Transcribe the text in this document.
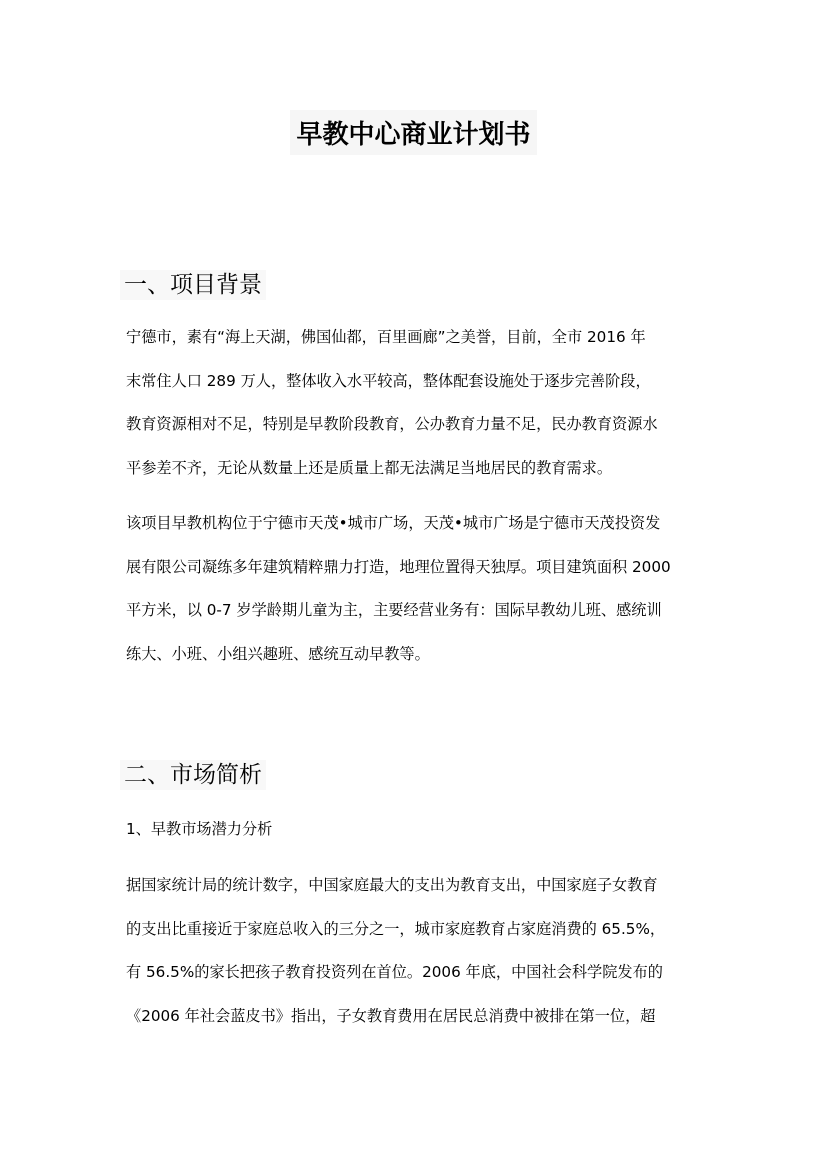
早教中心商业计划书
一、项目背景
宁德市，素有“海上天湖，佛国仙都，百里画廊”之美誉，目前，全市 2016 年
末常住人口 289 万人，整体收入水平较高，整体配套设施处于逐步完善阶段，
教育资源相对不足，特别是早教阶段教育，公办教育力量不足，民办教育资源水
平参差不齐，无论从数量上还是质量上都无法满足当地居民的教育需求。
该项目早教机构位于宁德市天茂•城市广场，天茂•城市广场是宁德市天茂投资发
展有限公司凝练多年建筑精粹鼎力打造，地理位置得天独厚。项目建筑面积 2000
平方米，以 0-7 岁学龄期儿童为主，主要经营业务有：国际早教幼儿班、感统训
练大、小班、小组兴趣班、感统互动早教等。
二、市场简析

1、早教市场潜力分析

据国家统计局的统计数字，中国家庭最大的支出为教育支出，中国家庭子女教育
的支出比重接近于家庭总收入的三分之一，城市家庭教育占家庭消费的 65.5%，
有 56.5%的家长把孩子教育投资列在首位。2006 年底，中国社会科学院发布的
《2006 年社会蓝皮书》指出，子女教育费用在居民总消费中被排在第一位，超
